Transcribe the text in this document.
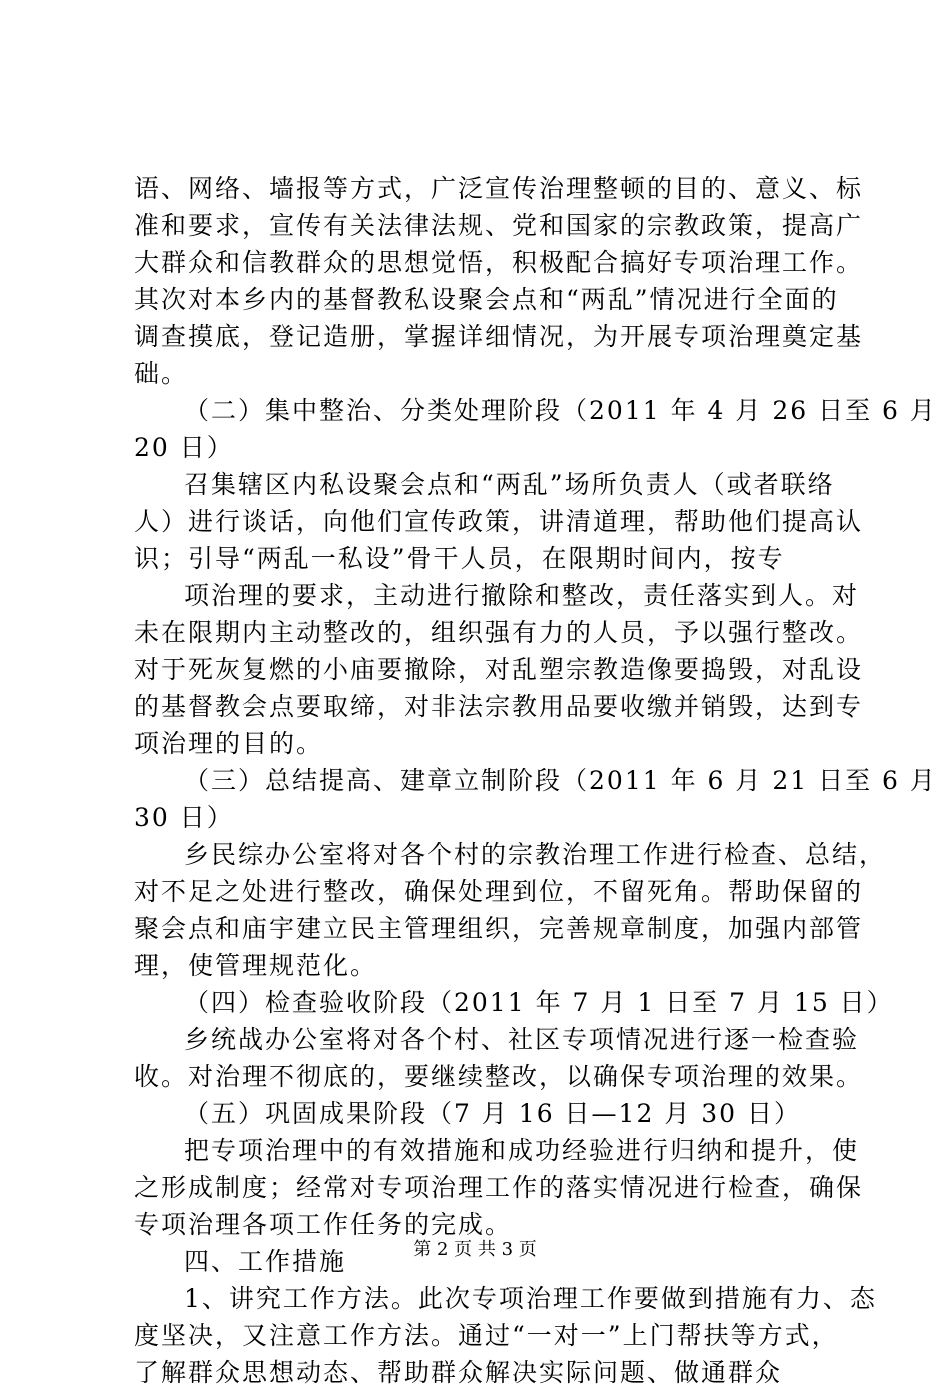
语、网络、墙报等方式，广泛宣传治理整顿的目的、意义、标
准和要求，宣传有关法律法规、党和国家的宗教政策，提高广
大群众和信教群众的思想觉悟，积极配合搞好专项治理工作。
其次对本乡内的基督教私设聚会点和“两乱”情况进行全面的
调查摸底，登记造册，掌握详细情况，为开展专项治理奠定基
础。
（二）集中整治、分类处理阶段（2011 年 4 月 26 日至 6 月
20 日）
召集辖区内私设聚会点和“两乱”场所负责人（或者联络
人）进行谈话，向他们宣传政策，讲清道理，帮助他们提高认
识；引导“两乱一私设”骨干人员，在限期时间内，按专
项治理的要求，主动进行撤除和整改，责任落实到人。对
未在限期内主动整改的，组织强有力的人员，予以强行整改。
对于死灰复燃的小庙要撤除，对乱塑宗教造像要捣毁，对乱设
的基督教会点要取缔，对非法宗教用品要收缴并销毁，达到专
项治理的目的。
（三）总结提高、建章立制阶段（2011 年 6 月 21 日至 6 月
30 日）
乡民综办公室将对各个村的宗教治理工作进行检查、总结，
对不足之处进行整改，确保处理到位，不留死角。帮助保留的
聚会点和庙宇建立民主管理组织，完善规章制度，加强内部管
理，使管理规范化。
（四）检查验收阶段（2011 年 7 月 1 日至 7 月 15 日）
乡统战办公室将对各个村、社区专项情况进行逐一检查验
收。对治理不彻底的，要继续整改，以确保专项治理的效果。
（五）巩固成果阶段（7 月 16 日—12 月 30 日）
把专项治理中的有效措施和成功经验进行归纳和提升，使
之形成制度；经常对专项治理工作的落实情况进行检查，确保
专项治理各项工作任务的完成。
四、工作措施
1、讲究工作方法。此次专项治理工作要做到措施有力、态
度坚决，又注意工作方法。通过“一对一”上门帮扶等方式，
了解群众思想动态、帮助群众解决实际问题、做通群众
第 2 页 共 3 页
